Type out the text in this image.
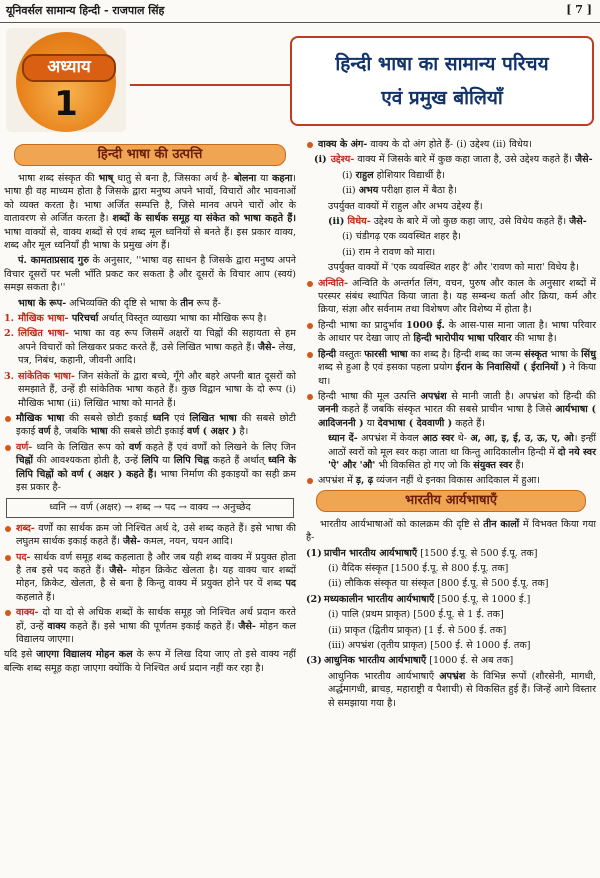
यूनिवर्सल सामान्य हिन्दी - राजपाल सिंह	[ 7 ]
अध्याय
1
हिन्दी भाषा का सामान्य परिचय
एवं प्रमुख बोलियाँ
हिन्दी भाषा की उत्पत्ति

भाषा शब्द संस्कृत की भाष् धातु से बना है, जिसका अर्थ है- बोलना या कहना। भाषा ही वह माध्यम होता है जिसके द्वारा मनुष्य अपने भावों, विचारों और भावनाओं को व्यक्त करता है। भाषा अर्जित सम्पत्ति है, जिसे मानव अपने चारों ओर के वातावरण से अर्जित करता है। शब्दों के सार्थक समूह या संकेत को भाषा कहते हैं। भाषा वाक्यों से, वाक्य शब्दों से एवं शब्द मूल ध्वनियों से बनते हैं। इस प्रकार वाक्य, शब्द और मूल ध्वनियाँ ही भाषा के प्रमुख अंग हैं।

पं. कामताप्रसाद गुरु के अनुसार, ''भाषा वह साधन है जिसके द्वारा मनुष्य अपने विचार दूसरों पर भली भाँति प्रकट कर सकता है और दूसरों के विचार आप (स्वयं) समझ सकता है।''

भाषा के रूप- अभिव्यक्ति की दृष्टि से भाषा के तीन रूप हैं-

1. मौखिक भाषा- परिचर्चा अर्थात् विस्तृत व्याख्या भाषा का मौखिक रूप है।

2. लिखित भाषा- भाषा का वह रूप जिसमें अक्षरों या चिह्नों की सहायता से हम अपने विचारों को लिखकर प्रकट करते हैं, उसे लिखित भाषा कहते हैं। जैसे- लेख, पत्र, निबंध, कहानी, जीवनी आदि।

3. सांकेतिक भाषा- जिन संकेतों के द्वारा बच्चे, गूँगे और बहरे अपनी बात दूसरों को समझाते हैं, उन्हें ही सांकेतिक भाषा कहते हैं। कुछ विद्वान भाषा के दो रूप (i) मौखिक भाषा (ii) लिखित भाषा को मानते हैं।

मौखिक भाषा की सबसे छोटी इकाई ध्वनि एवं लिखित भाषा की सबसे छोटी इकाई वर्ण है, जबकि भाषा की सबसे छोटी इकाई वर्ण ( अक्षर ) है।

वर्ण- ध्वनि के लिखित रूप को वर्ण कहते हैं एवं वर्णों को लिखने के लिए जिन चिह्नों की आवश्यकता होती है, उन्हें लिपि या लिपि चिह्न कहते हैं अर्थात् ध्वनि के लिपि चिह्नों को वर्ण ( अक्षर ) कहते हैं। भाषा निर्माण की इकाइयों का सही क्रम इस प्रकार है-

ध्वनि → वर्ण (अक्षर) → शब्द → पद → वाक्य → अनुच्छेद

शब्द- वर्णों का सार्थक क्रम जो निश्चित अर्थ दे, उसे शब्द कहते हैं। इसे भाषा की लघुतम सार्थक इकाई कहते हैं। जैसे- कमल, नयन, चयन आदि।

पद- सार्थक वर्ण समूह शब्द कहलाता है और जब यही शब्द वाक्य में प्रयुक्त होता है तब इसे पद कहते हैं। जैसे- मोहन क्रिकेट खेलता है। यह वाक्य चार शब्दों मोहन, क्रिकेट, खेलता, है से बना है किन्तु वाक्य में प्रयुक्त होने पर यें शब्द पद कहलाते हैं।

वाक्य- दो या दो से अधिक शब्दों के सार्थक समूह जो निश्चित अर्थ प्रदान करते हों, उन्हें वाक्य कहते हैं। इसे भाषा की पूर्णतम इकाई कहते हैं। जैसे- मोहन कल विद्यालय जाएगा।

यदि इसे जाएगा विद्यालय मोहन कल के रूप में लिख दिया जाए तो इसे वाक्य नहीं बल्कि शब्द समूह कहा जाएगा क्योंकि ये निश्चित अर्थ प्रदान नहीं कर रहा है।

वाक्य के अंग- वाक्य के दो अंग होते हैं- (i) उद्देश्य (ii) विधेय।

(i) उद्देश्य- वाक्य में जिसके बारे में कुछ कहा जाता है, उसे उद्देश्य कहते हैं। जैसे-

(i) राहुल होशियार विद्यार्थी है।

(ii) अभय परीक्षा हाल में बैठा है।

उपर्युक्त वाक्यों में राहुल और अभय उद्देश्य हैं।

(ii) विधेय- उद्देश्य के बारे में जो कुछ कहा जाए, उसे विधेय कहते हैं। जैसे-

(i) चंडीगढ़ एक व्यवस्थित शहर है।

(ii) राम ने रावण को मारा।

उपर्युक्त वाक्यों में 'एक व्यवस्थित शहर है' और 'रावण को मारा' विधेय है।

अन्विति- अन्विति के अन्तर्गत लिंग, वचन, पुरुष और काल के अनुसार शब्दों में परस्पर संबंध स्थापित किया जाता है। यह सम्बन्ध कर्ता और क्रिया, कर्म और क्रिया, संज्ञा और सर्वनाम तथा विशेषण और विशेष्य में होता है।

हिन्दी भाषा का प्रादुर्भाव 1000 ई. के आस-पास माना जाता है। भाषा परिवार के आधार पर देखा जाए तो हिन्दी भारोपीय भाषा परिवार की भाषा है।

हिन्दी वस्तुतः फारसी भाषा का शब्द है। हिन्दी शब्द का जन्म संस्कृत भाषा के सिंधु शब्द से हुआ है एवं इसका पहला प्रयोग ईरान के निवासियों ( ईरानियों ) ने किया था।

हिन्दी भाषा की मूल उत्पत्ति अपभ्रंश से मानी जाती है। अपभ्रंश को हिन्दी की जननी कहते हैं जबकि संस्कृत भारत की सबसे प्राचीन भाषा है जिसे आर्यभाषा ( आदिजननी ) या देवभाषा ( देववाणी ) कहते हैं।

ध्यान दें- अपभ्रंश में केवल आठ स्वर थे- अ, आ, इ, ई, उ, ऊ, ए, ओ। इन्हीं आठों स्वरों को मूल स्वर कहा जाता था किन्तु आदिकालीन हिन्दी में दो नये स्वर 'ऐ' और 'औ' भी विकसित हो गए जो कि संयुक्त स्वर हैं।

अपभ्रंश में ड़, ढ़ व्यंजन नहीं थे इनका विकास आदिकाल में हुआ।

भारतीय आर्यभाषाएँ

भारतीय आर्यभाषाओं को कालक्रम की दृष्टि से तीन कालों में विभक्त किया गया है-

(1) प्राचीन भारतीय आर्यभाषाएँ [1500 ई.पू. से 500 ई.पू. तक]

(i) वैदिक संस्कृत [1500 ई.पू. से 800 ई.पू. तक]

(ii) लौकिक संस्कृत या संस्कृत [800 ई.पू. से 500 ई.पू. तक]

(2) मध्यकालीन भारतीय आर्यभाषाएँ [500 ई.पू. से 1000 ई.]

(i) पालि (प्रथम प्राकृत) [500 ई.पू. से 1 ई. तक]

(ii) प्राकृत (द्वितीय प्राकृत) [1 ई. से 500 ई. तक]

(iii) अपभ्रंश (तृतीय प्राकृत) [500 ई. से 1000 ई. तक]

(3) आधुनिक भारतीय आर्यभाषाएँ [1000 ई. से अब तक]

आधुनिक भारतीय आर्यभाषाएँ अपभ्रंश के विभिन्न रूपों (शौरसेनी, मागधी, अर्द्धमागधी, ब्राचड़, महाराष्ट्री व पैशाची) से विकसित हुई हैं। जिन्हें आगे विस्तार से समझाया गया है।
